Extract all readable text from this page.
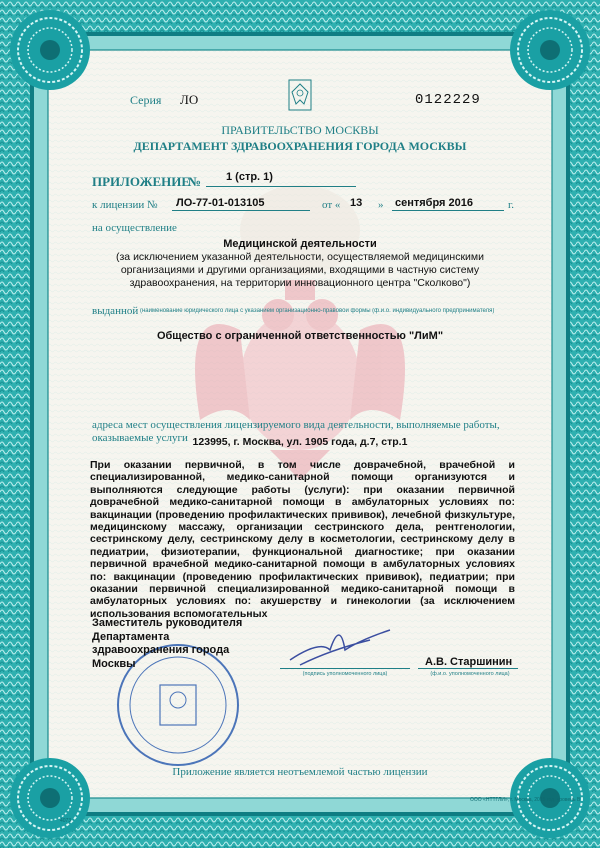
Серия ЛО	0122229
ПРАВИТЕЛЬСТВО МОСКВЫ
ДЕПАРТАМЕНТ ЗДРАВООХРАНЕНИЯ ГОРОДА МОСКВЫ
ПРИЛОЖЕНИЕ
№ 1 (стр. 1)
к лицензии № ЛО-77-01-013105	от « 13 » сентября 2016	г.
на осуществление
Медицинской деятельности
(за исключением указанной деятельности, осуществляемой медицинскими организациями и другими организациями, входящими в частную систему здравоохранения, на территории инновационного центра "Сколково")
выданной (наименование юридического лица с указанием организационно-правовой формы (ф.и.о. индивидуального предпринимателя)
Общество с ограниченной ответственностью "ЛиМ"
адреса мест осуществления лицензируемого вида деятельности, выполняемые работы,
оказываемые услуги 123995, г. Москва, ул. 1905 года, д.7, стр.1
При оказании первичной, в том числе доврачебной, врачебной и специализированной, медико-санитарной помощи организуются и выполняются следующие работы (услуги): при оказании первичной доврачебной медико-санитарной помощи в амбулаторных условиях по: вакцинации (проведению профилактических прививок), лечебной физкультуре, медицинскому массажу, организации сестринского дела, рентгенологии, сестринскому делу, сестринскому делу в косметологии, сестринскому делу в педиатрии, физиотерапии, функциональной диагностике; при оказании первичной врачебной медико-санитарной помощи в амбулаторных условиях по: вакцинации (проведению профилактических прививок), педиатрии; при оказании первичной специализированной медико-санитарной помощи в амбулаторных условиях по: акушерству и гинекологии (за исключением использования вспомогательных
Заместитель руководителя Департамента здравоохранения города Москвы
(подпись уполномоченного лица)
А.В. Старшинин
(ф.и.о. уполномоченного лица)
Приложение является неотъемлемой частью лицензии
ООО «НТТГЛИ», г. Москва, 2015 год, уровень В
4073
